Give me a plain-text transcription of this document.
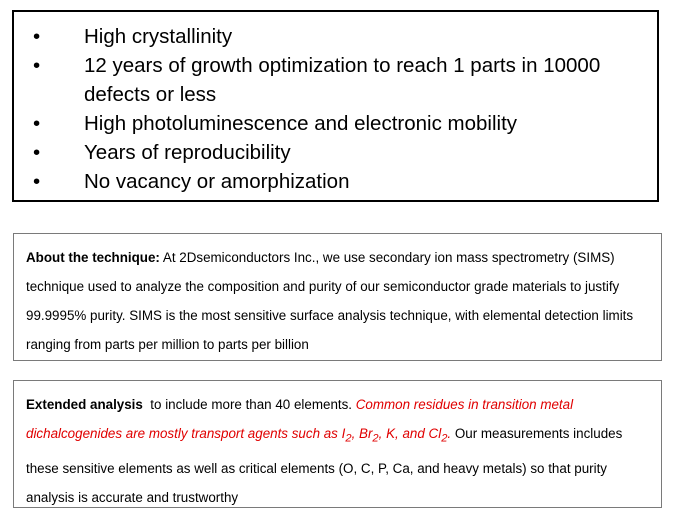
• High crystallinity
• 12 years of growth optimization to reach 1 parts in 10000 defects or less
• High photoluminescence and electronic mobility
• Years of reproducibility
• No vacancy or amorphization
About the technique: At 2Dsemiconductors Inc., we use secondary ion mass spectrometry (SIMS) technique used to analyze the composition and purity of our semiconductor grade materials to justify 99.9995% purity. SIMS is the most sensitive surface analysis technique, with elemental detection limits ranging from parts per million to parts per billion
Extended analysis  to include more than 40 elements. Common residues in transition metal dichalcogenides are mostly transport agents such as $I_2$, $Br_2$, K, and $Cl_2$. Our measurements includes these sensitive elements as well as critical elements (O, C, P, Ca, and heavy metals) so that purity analysis is accurate and trustworthy
